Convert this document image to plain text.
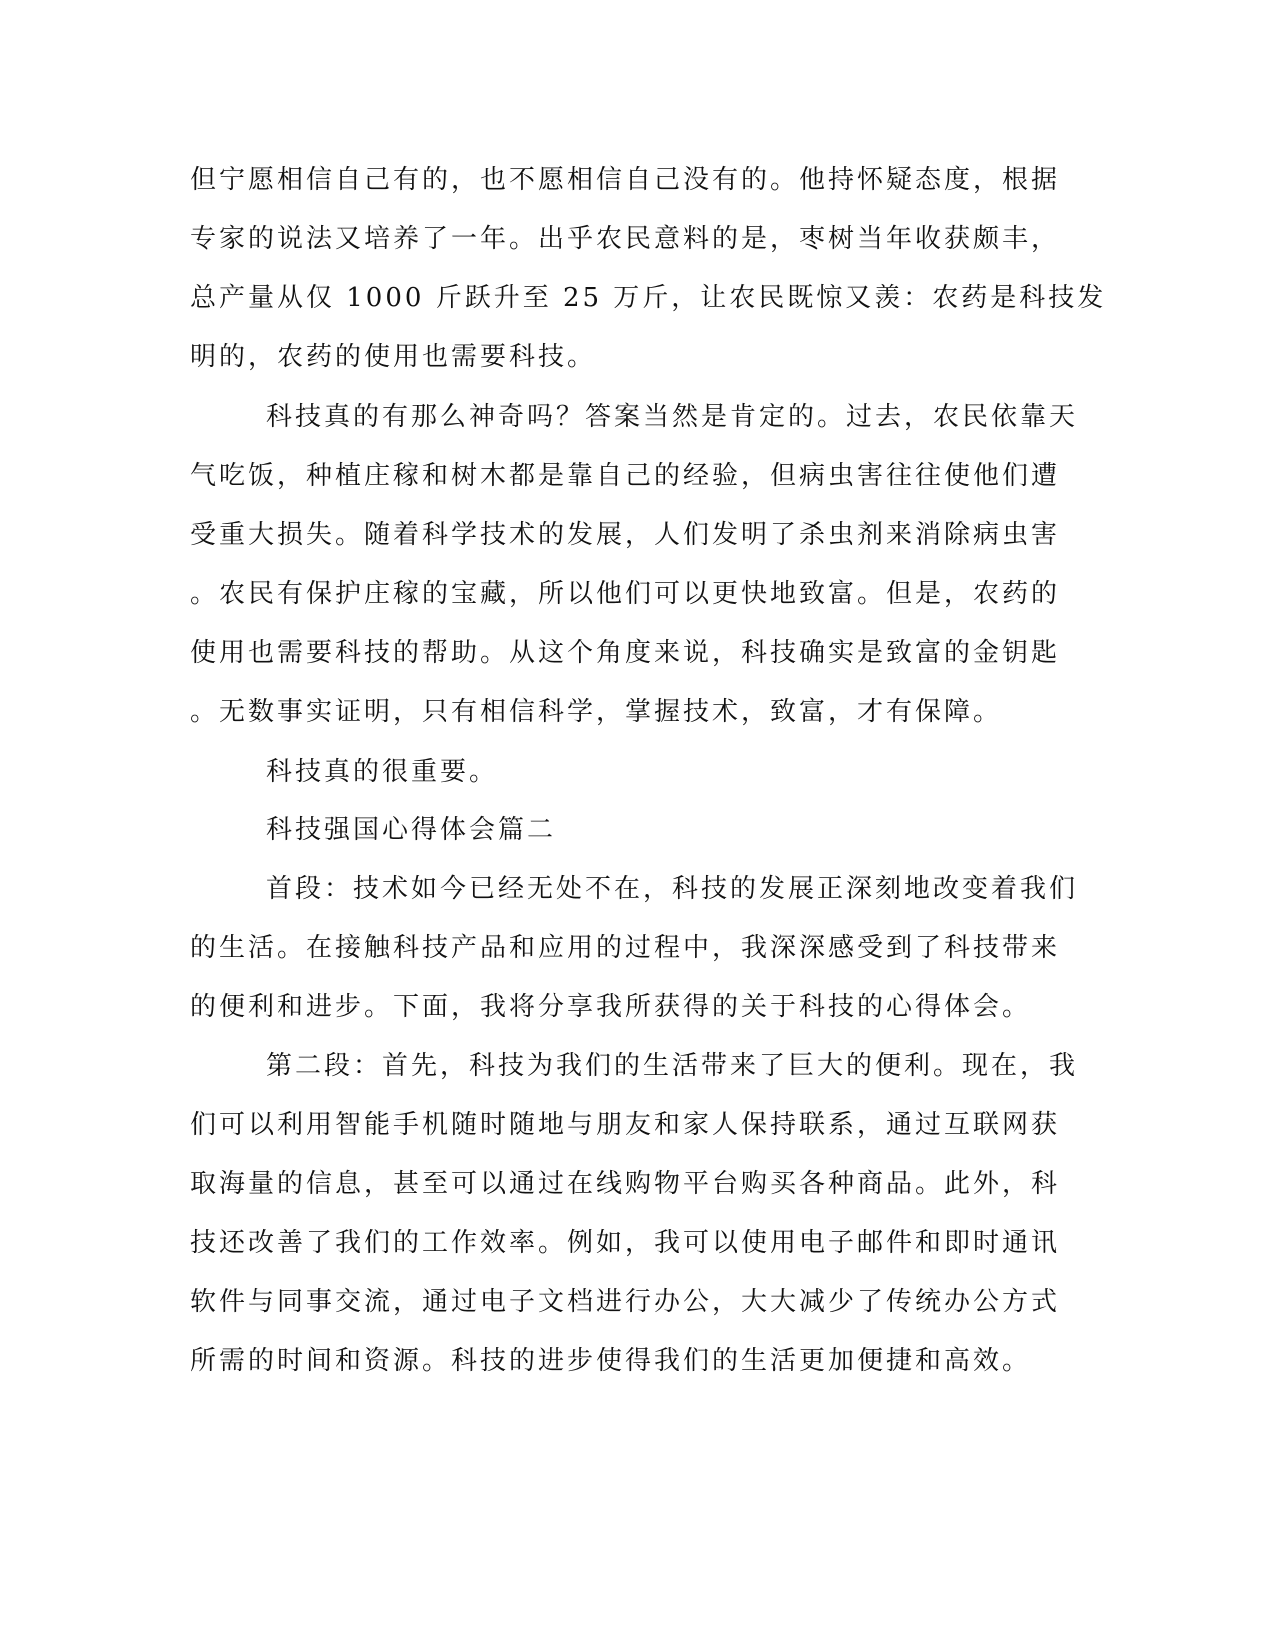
但宁愿相信自己有的，也不愿相信自己没有的。他持怀疑态度，根据

专家的说法又培养了一年。出乎农民意料的是，枣树当年收获颇丰，

总产量从仅 1000 斤跃升至 25 万斤，让农民既惊又羡：农药是科技发

明的，农药的使用也需要科技。

科技真的有那么神奇吗？答案当然是肯定的。过去，农民依靠天

气吃饭，种植庄稼和树木都是靠自己的经验，但病虫害往往使他们遭

受重大损失。随着科学技术的发展，人们发明了杀虫剂来消除病虫害

。农民有保护庄稼的宝藏，所以他们可以更快地致富。但是，农药的

使用也需要科技的帮助。从这个角度来说，科技确实是致富的金钥匙

。无数事实证明，只有相信科学，掌握技术，致富，才有保障。

科技真的很重要。

科技强国心得体会篇二

首段：技术如今已经无处不在，科技的发展正深刻地改变着我们

的生活。在接触科技产品和应用的过程中，我深深感受到了科技带来

的便利和进步。下面，我将分享我所获得的关于科技的心得体会。

第二段：首先，科技为我们的生活带来了巨大的便利。现在，我

们可以利用智能手机随时随地与朋友和家人保持联系，通过互联网获

取海量的信息，甚至可以通过在线购物平台购买各种商品。此外，科

技还改善了我们的工作效率。例如，我可以使用电子邮件和即时通讯

软件与同事交流，通过电子文档进行办公，大大减少了传统办公方式

所需的时间和资源。科技的进步使得我们的生活更加便捷和高效。
